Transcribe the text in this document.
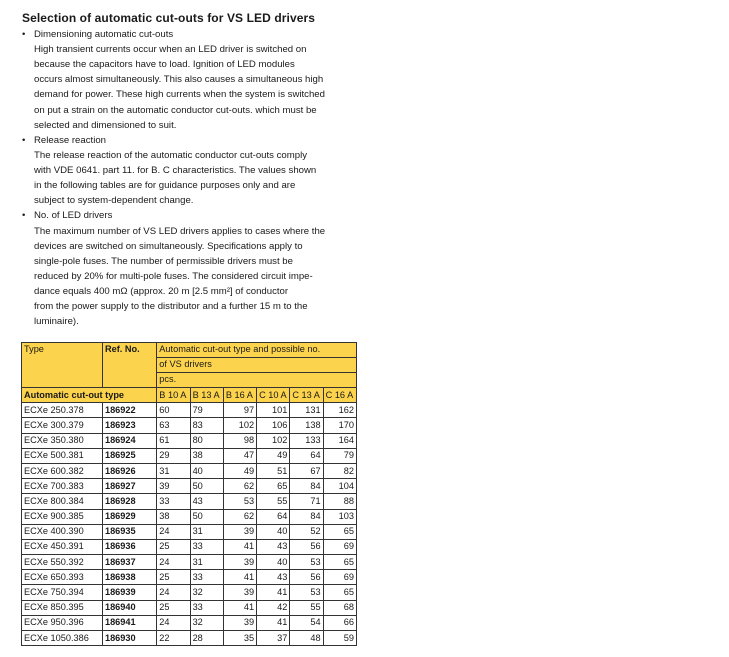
Selection of automatic cut-outs for VS LED drivers
• Dimensioning automatic cut-outs
High transient currents occur when an LED driver is switched on
because the capacitors have to load. Ignition of LED modules
occurs almost simultaneously. This also causes a simultaneous high
demand for power. These high currents when the system is switched
on put a strain on the automatic conductor cut-outs. which must be
selected and dimensioned to suit.
• Release reaction
The release reaction of the automatic conductor cut-outs comply
with VDE 0641. part 11. for B. C characteristics. The values shown
in the following tables are for guidance purposes only and are
subject to system-dependent change.
• No. of LED drivers
The maximum number of VS LED drivers applies to cases where the
devices are switched on simultaneously. Specifications apply to
single-pole fuses. The number of permissible drivers must be
reduced by 20% for multi-pole fuses. The considered circuit impe-
dance equals 400 mΩ (approx. 20 m [2.5 mm²] of conductor
from the power supply to the distributor and a further 15 m to the
luminaire).
Type	Ref. No.	Automatic cut-out type and possible no.
of VS drivers
pcs.					

Automatic cut-out type		B 10 A	B 13 A	B 16 A	C 10 A	C 13 A	C 16 A
ECXe 250.378	186922	60	79	97	101	131	162
ECXe 300.379	186923	63	83	102	106	138	170
ECXe 350.380	186924	61	80	98	102	133	164
ECXe 500.381	186925	29	38	47	49	64	79
ECXe 600.382	186926	31	40	49	51	67	82
ECXe 700.383	186927	39	50	62	65	84	104
ECXe 800.384	186928	33	43	53	55	71	88
ECXe 900.385	186929	38	50	62	64	84	103
ECXe 400.390	186935	24	31	39	40	52	65
ECXe 450.391	186936	25	33	41	43	56	69
ECXe 550.392	186937	24	31	39	40	53	65
ECXe 650.393	186938	25	33	41	43	56	69
ECXe 750.394	186939	24	32	39	41	53	65
ECXe 850.395	186940	25	33	41	42	55	68
ECXe 950.396	186941	24	32	39	41	54	66
ECXe 1050.386	186930	22	28	35	37	48	59
